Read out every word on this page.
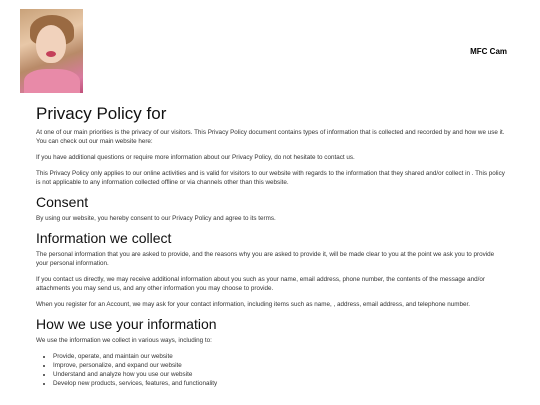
MFC Cam
Privacy Policy for

At one of our main priorities is the privacy of our visitors. This Privacy Policy document contains types of information that is collected and recorded by and how we use it. You can check out our main website here:

If you have additional questions or require more information about our Privacy Policy, do not hesitate to contact us.

This Privacy Policy only applies to our online activities and is valid for visitors to our website with regards to the information that they shared and/or collect in . This policy is not applicable to any information collected offline or via channels other than this website.

Consent

By using our website, you hereby consent to our Privacy Policy and agree to its terms.

Information we collect

The personal information that you are asked to provide, and the reasons why you are asked to provide it, will be made clear to you at the point we ask you to provide your personal information.

If you contact us directly, we may receive additional information about you such as your name, email address, phone number, the contents of the message and/or attachments you may send us, and any other information you may choose to provide.

When you register for an Account, we may ask for your contact information, including items such as name, , address, email address, and telephone number.

How we use your information

We use the information we collect in various ways, including to:

• Provide, operate, and maintain our website
• Improve, personalize, and expand our website
• Understand and analyze how you use our website
• Develop new products, services, features, and functionality
